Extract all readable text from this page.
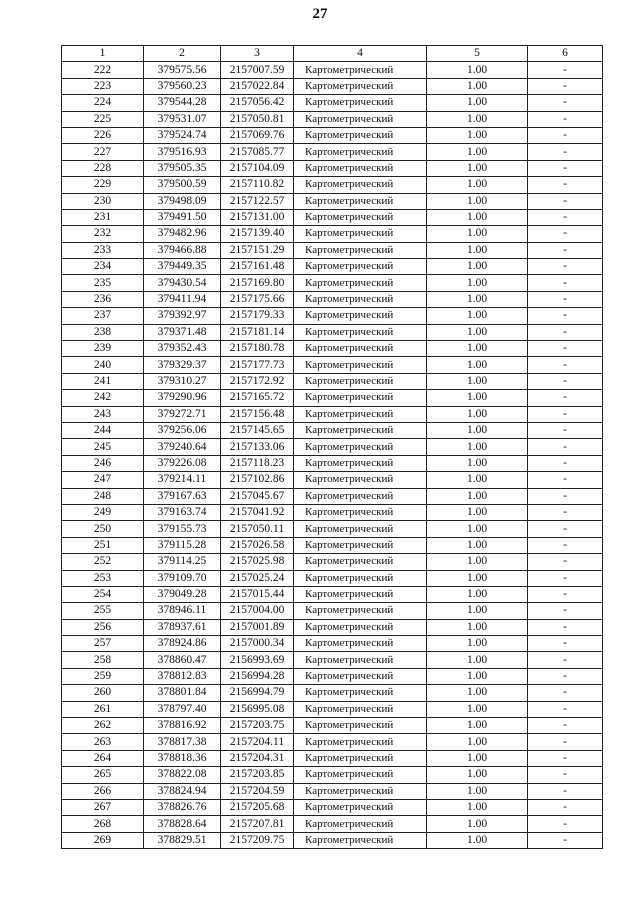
27
1	2	3	4	5	6
222	379575.56	2157007.59	Картометрический	1.00	-
223	379560.23	2157022.84	Картометрический	1.00	-
224	379544.28	2157056.42	Картометрический	1.00	-
225	379531.07	2157050.81	Картометрический	1.00	-
226	379524.74	2157069.76	Картометрический	1.00	-
227	379516.93	2157085.77	Картометрический	1.00	-
228	379505.35	2157104.09	Картометрический	1.00	-
229	379500.59	2157110.82	Картометрический	1.00	-
230	379498.09	2157122.57	Картометрический	1.00	-
231	379491.50	2157131.00	Картометрический	1.00	-
232	379482.96	2157139.40	Картометрический	1.00	-
233	379466.88	2157151.29	Картометрический	1.00	-
234	379449.35	2157161.48	Картометрический	1.00	-
235	379430.54	2157169.80	Картометрический	1.00	-
236	379411.94	2157175.66	Картометрический	1.00	-
237	379392.97	2157179.33	Картометрический	1.00	-
238	379371.48	2157181.14	Картометрический	1.00	-
239	379352.43	2157180.78	Картометрический	1.00	-
240	379329.37	2157177.73	Картометрический	1.00	-
241	379310.27	2157172.92	Картометрический	1.00	-
242	379290.96	2157165.72	Картометрический	1.00	-
243	379272.71	2157156.48	Картометрический	1.00	-
244	379256.06	2157145.65	Картометрический	1.00	-
245	379240.64	2157133.06	Картометрический	1.00	-
246	379226.08	2157118.23	Картометрический	1.00	-
247	379214.11	2157102.86	Картометрический	1.00	-
248	379167.63	2157045.67	Картометрический	1.00	-
249	379163.74	2157041.92	Картометрический	1.00	-
250	379155.73	2157050.11	Картометрический	1.00	-
251	379115.28	2157026.58	Картометрический	1.00	-
252	379114.25	2157025.98	Картометрический	1.00	-
253	379109.70	2157025.24	Картометрический	1.00	-
254	379049.28	2157015.44	Картометрический	1.00	-
255	378946.11	2157004.00	Картометрический	1.00	-
256	378937.61	2157001.89	Картометрический	1.00	-
257	378924.86	2157000.34	Картометрический	1.00	-
258	378860.47	2156993.69	Картометрический	1.00	-
259	378812.83	2156994.28	Картометрический	1.00	-
260	378801.84	2156994.79	Картометрический	1.00	-
261	378797.40	2156995.08	Картометрический	1.00	-
262	378816.92	2157203.75	Картометрический	1.00	-
263	378817.38	2157204.11	Картометрический	1.00	-
264	378818.36	2157204.31	Картометрический	1.00	-
265	378822.08	2157203.85	Картометрический	1.00	-
266	378824.94	2157204.59	Картометрический	1.00	-
267	378826.76	2157205.68	Картометрический	1.00	-
268	378828.64	2157207.81	Картометрический	1.00	-
269	378829.51	2157209.75	Картометрический	1.00	-
